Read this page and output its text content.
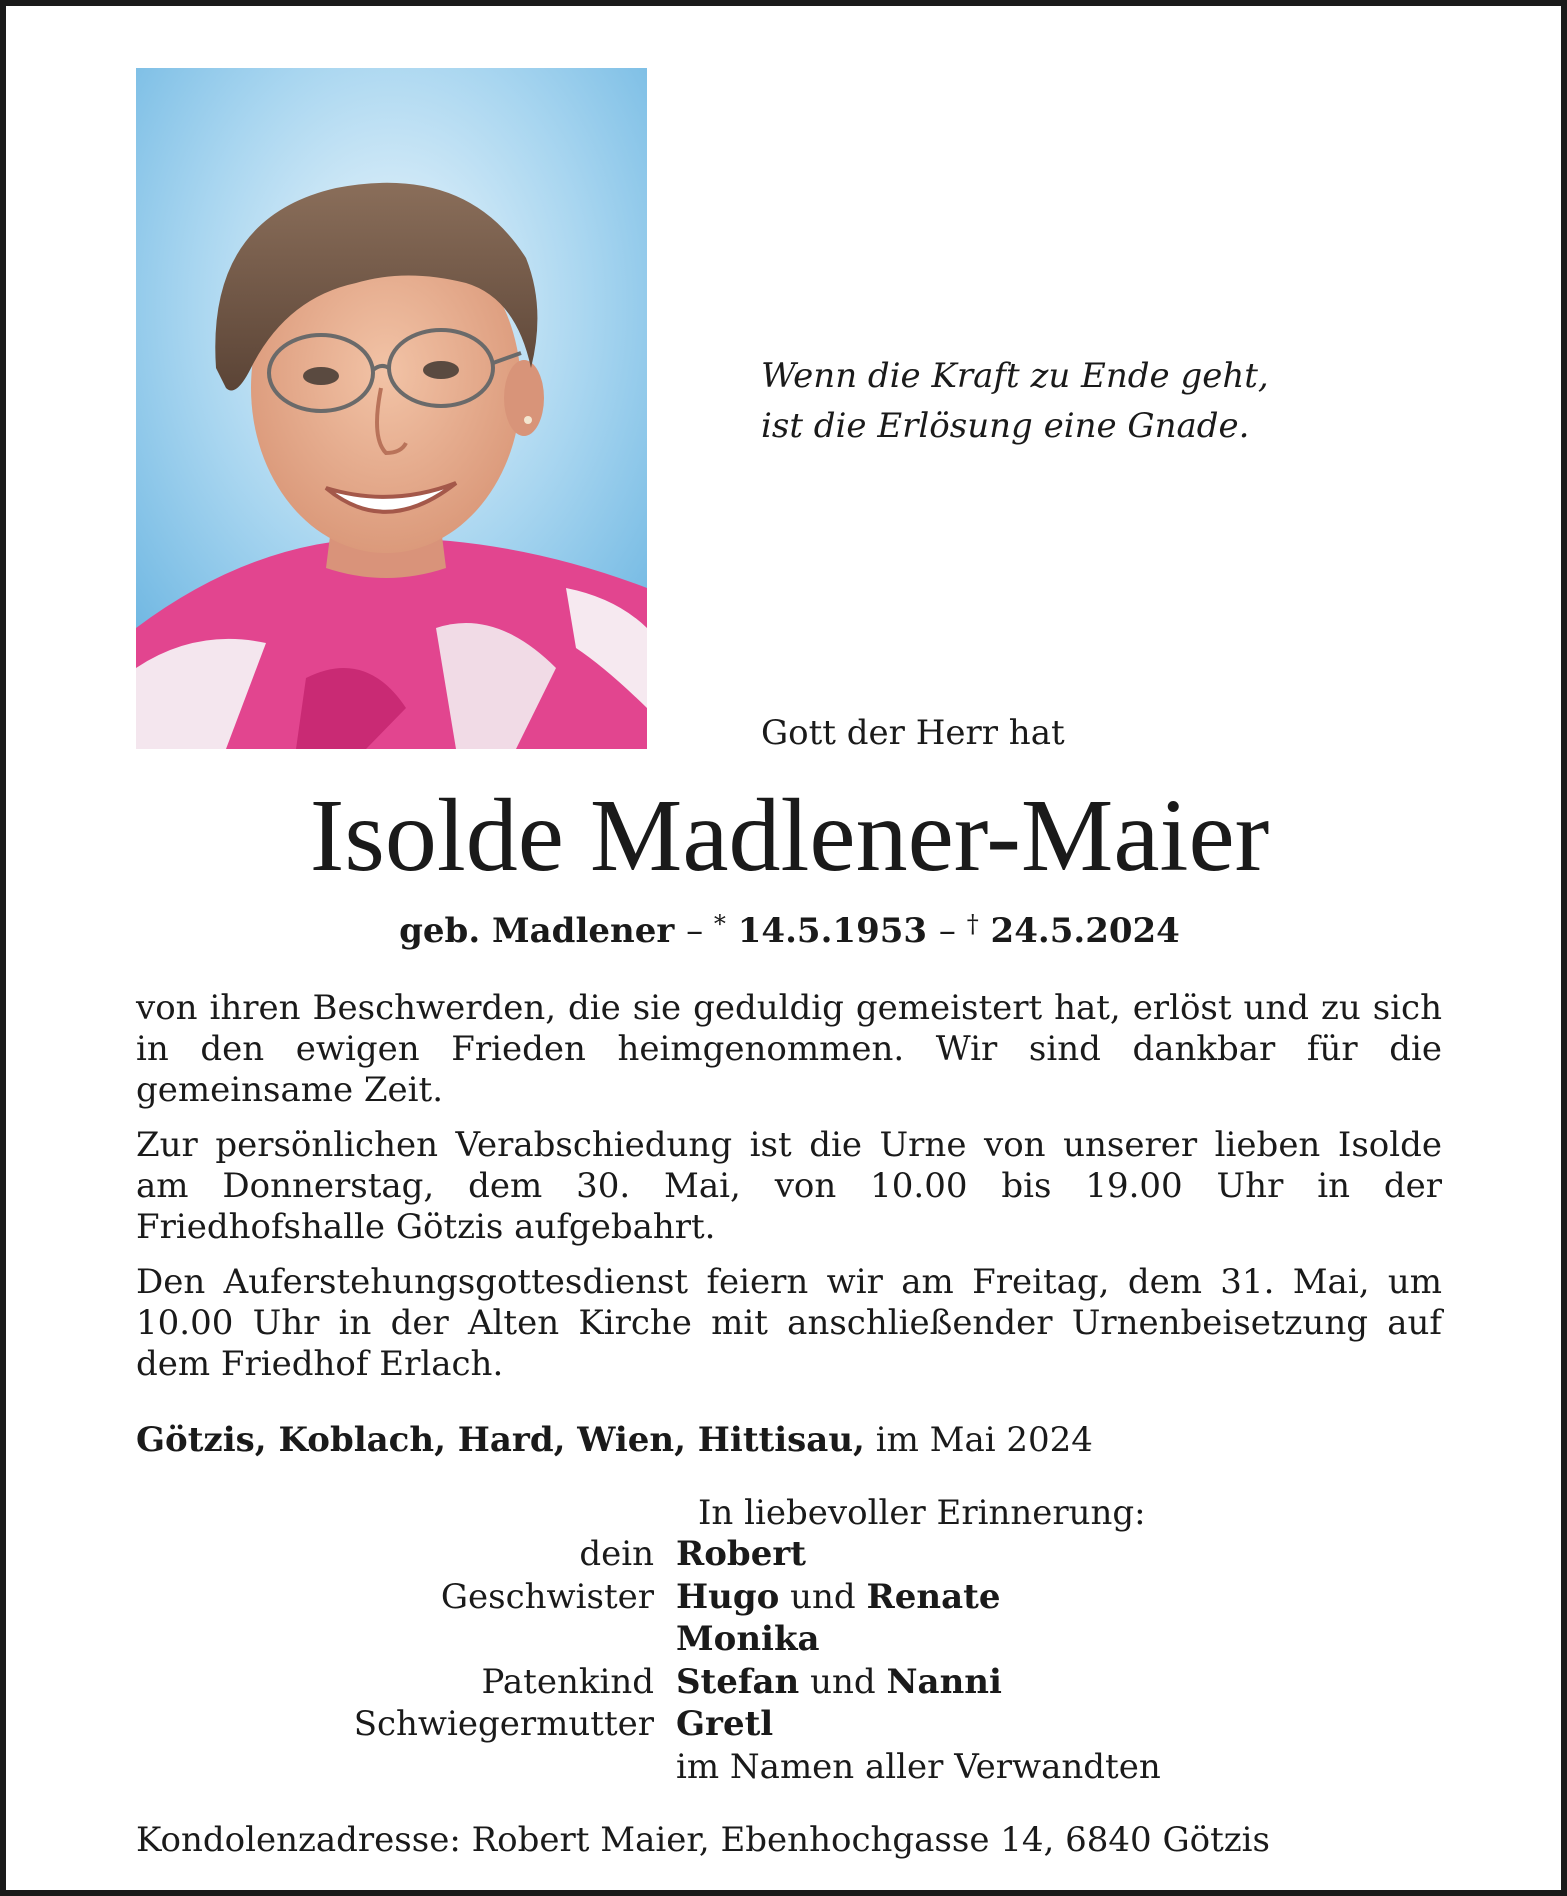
Wenn die Kraft zu Ende geht,
ist die Erlösung eine Gnade.
Gott der Herr hat
Isolde Madlener-Maier
geb. Madlener – * 14.5.1953 – † 24.5.2024

von ihren Beschwerden, die sie geduldig gemeistert hat, erlöst und zu sich in den ewigen Frieden heimgenommen. Wir sind dankbar für die gemeinsame Zeit.

Zur persönlichen Verabschiedung ist die Urne von unserer lieben Isolde am Donnerstag, dem 30. Mai, von 10.00 bis 19.00 Uhr in der Friedhofshalle Götzis aufgebahrt.

Den Auferstehungsgottesdienst feiern wir am Freitag, dem 31. Mai, um 10.00 Uhr in der Alten Kirche mit anschließender Urnenbeisetzung auf dem Friedhof Erlach.

Götzis, Koblach, Hard, Wien, Hittisau, im Mai 2024
In liebevoller Erinnerung:
dein Robert
Geschwister Hugo und Renate
Monika
Patenkind Stefan und Nanni
Schwiegermutter Gretl
im Namen aller Verwandten
Kondolenzadresse: Robert Maier, Ebenhochgasse 14, 6840 Götzis
